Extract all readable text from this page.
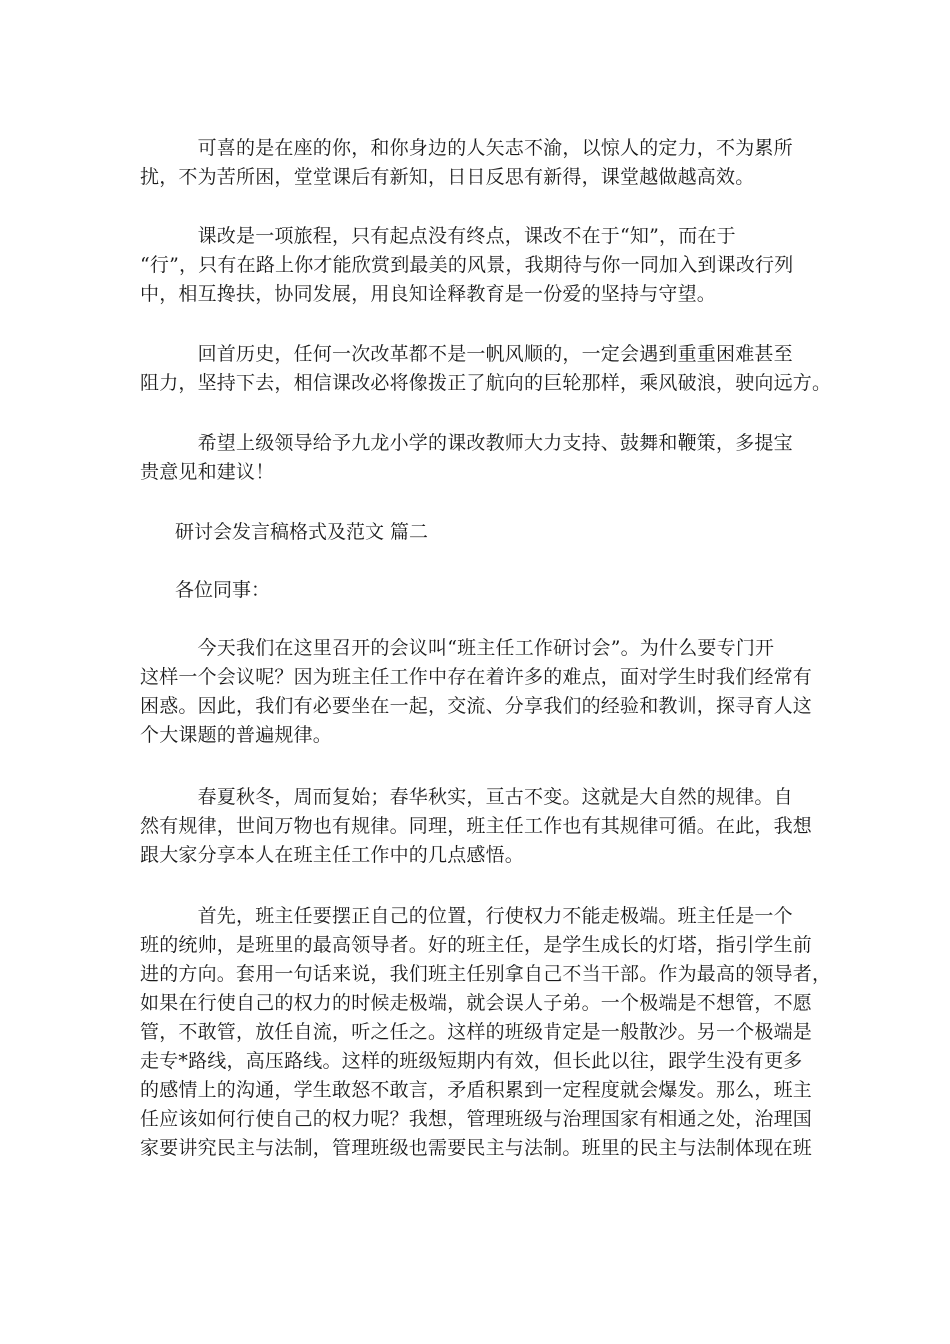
　　　可喜的是在座的你，和你身边的人矢志不渝，以惊人的定力，不为累所
扰，不为苦所困，堂堂课后有新知，日日反思有新得，课堂越做越高效。

　　　课改是一项旅程，只有起点没有终点，课改不在于“知”，而在于
“行”，只有在路上你才能欣赏到最美的风景，我期待与你一同加入到课改行列
中，相互搀扶，协同发展，用良知诠释教育是一份爱的坚持与守望。

　　　回首历史，任何一次改革都不是一帆风顺的，一定会遇到重重困难甚至
阻力，坚持下去，相信课改必将像拨正了航向的巨轮那样，乘风破浪，驶向远方。

　　　希望上级领导给予九龙小学的课改教师大力支持、鼓舞和鞭策，多提宝
贵意见和建议！

研讨会发言稿格式及范文 篇二

各位同事：

　　　今天我们在这里召开的会议叫“班主任工作研讨会”。为什么要专门开
这样一个会议呢？因为班主任工作中存在着许多的难点，面对学生时我们经常有
困惑。因此，我们有必要坐在一起，交流、分享我们的经验和教训，探寻育人这
个大课题的普遍规律。

　　　春夏秋冬，周而复始；春华秋实，亘古不变。这就是大自然的规律。自
然有规律，世间万物也有规律。同理，班主任工作也有其规律可循。在此，我想
跟大家分享本人在班主任工作中的几点感悟。

　　　首先，班主任要摆正自己的位置，行使权力不能走极端。班主任是一个
班的统帅，是班里的最高领导者。好的班主任，是学生成长的灯塔，指引学生前
进的方向。套用一句话来说，我们班主任别拿自己不当干部。作为最高的领导者，
如果在行使自己的权力的时候走极端，就会误人子弟。一个极端是不想管，不愿
管，不敢管，放任自流，听之任之。这样的班级肯定是一般散沙。另一个极端是
走专*路线，高压路线。这样的班级短期内有效，但长此以往，跟学生没有更多
的感情上的沟通，学生敢怒不敢言，矛盾积累到一定程度就会爆发。那么，班主
任应该如何行使自己的权力呢？我想，管理班级与治理国家有相通之处，治理国
家要讲究民主与法制，管理班级也需要民主与法制。班里的民主与法制体现在班
